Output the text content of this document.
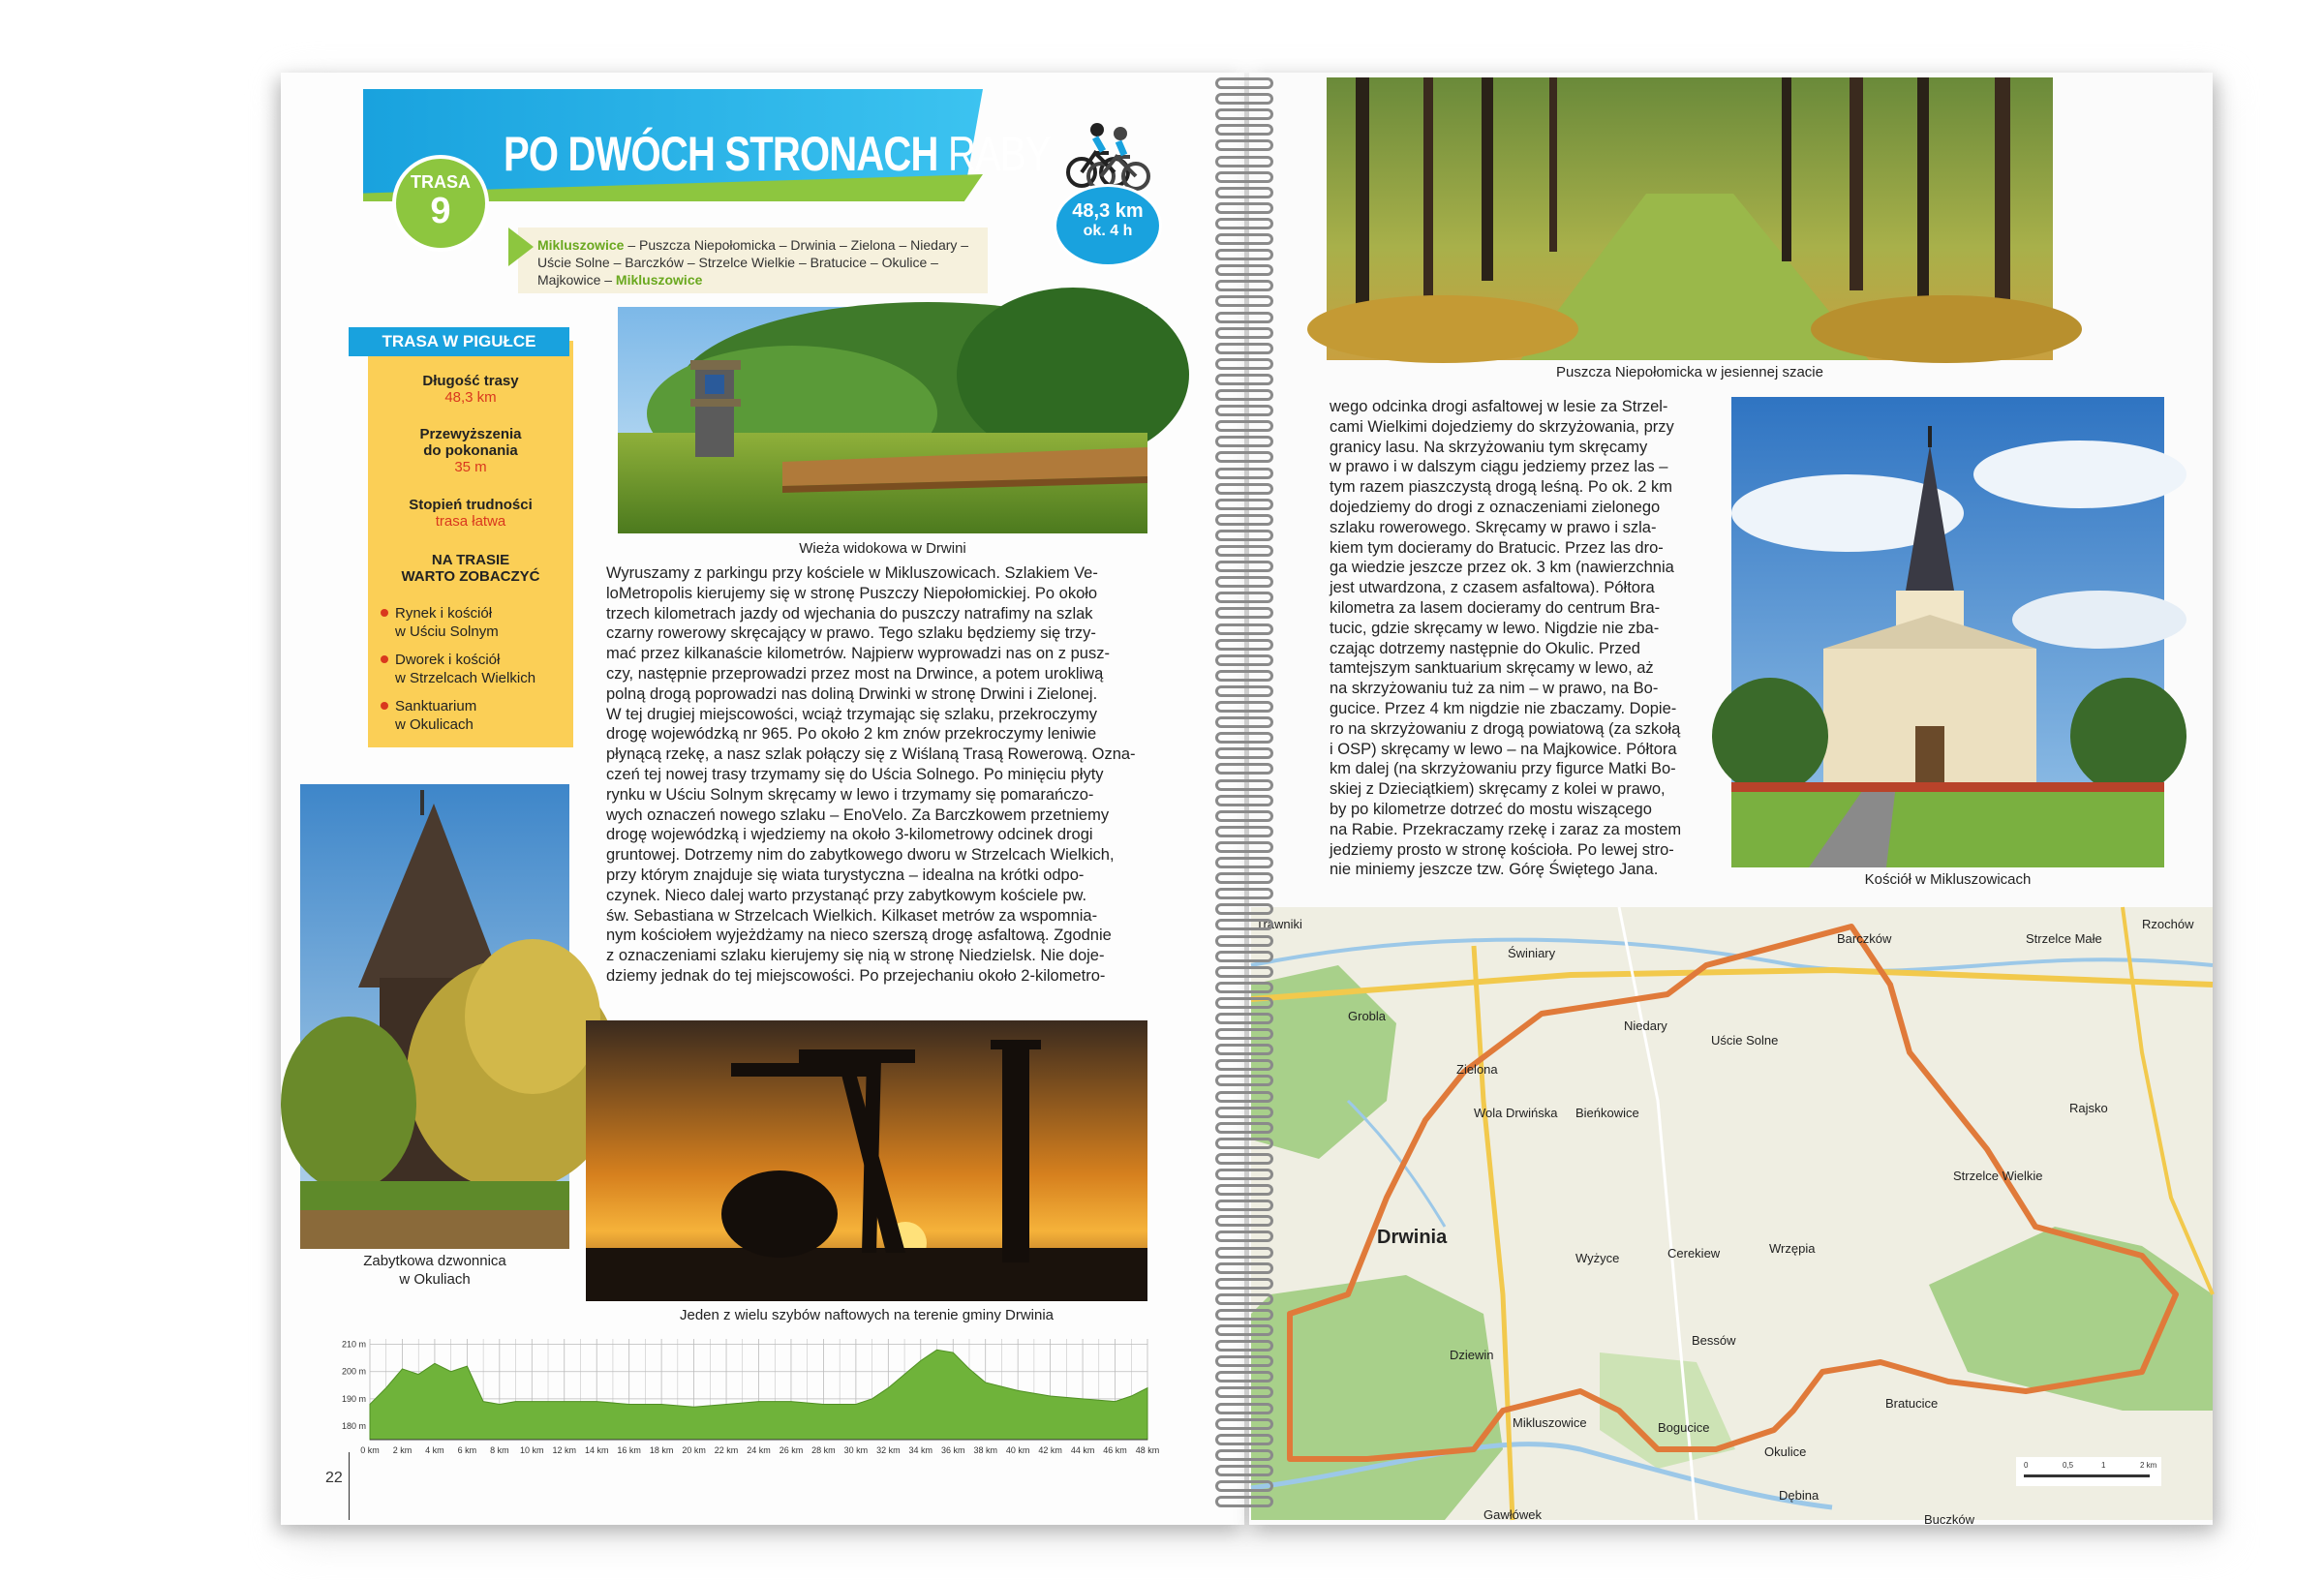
PO DWÓCH STRONACH RABY
TRASA
9	48,3 km
ok. 4 h
Mikluszowice – Puszcza Niepołomicka – Drwinia – Zielona – Niedary – Uście Solne – Barczków – Strzelce Wielkie – Bratucice – Okulice – Majkowice – Mikluszowice
TRASA W PIGUŁCE
Długość trasy
48,3 km
Przewyższenia
do pokonania
35 m
Stopień trudności
trasa łatwa
NA TRASIE
WARTO ZOBACZYĆ
Rynek i kościół
w Uściu Solnym
Dworek i kościół
w Strzelcach Wielkich
Sanktuarium
w Okulicach
Wieża widokowa w Drwini
Zabytkowa dzwonnica
w Okuliach
Wyruszamy z parkingu przy kościele w Mikluszowicach. Szlakiem Ve-
loMetropolis kierujemy się w stronę Puszczy Niepołomickiej. Po około
trzech kilometrach jazdy od wjechania do puszczy natrafimy na szlak
czarny rowerowy skręcający w prawo. Tego szlaku będziemy się trzy-
mać przez kilkanaście kilometrów. Najpierw wyprowadzi nas on z pusz-
czy, następnie przeprowadzi przez most na Drwince, a potem urokliwą
polną drogą poprowadzi nas doliną Drwinki w stronę Drwini i Zielonej.
W tej drugiej miejscowości, wciąż trzymając się szlaku, przekroczymy
drogę wojewódzką nr 965. Po około 2 km znów przekroczymy leniwie
płynącą rzekę, a nasz szlak połączy się z Wiślaną Trasą Rowerową. Ozna-
czeń tej nowej trasy trzymamy się do Uścia Solnego. Po minięciu płyty
rynku w Uściu Solnym skręcamy w lewo i trzymamy się pomarańczo-
wych oznaczeń nowego szlaku – EnoVelo. Za Barczkowem przetniemy
drogę wojewódzką i wjedziemy na około 3-kilometrowy odcinek drogi
gruntowej. Dotrzemy nim do zabytkowego dworu w Strzelcach Wielkich,
przy którym znajduje się wiata turystyczna – idealna na krótki odpo-
czynek. Nieco dalej warto przystanąć przy zabytkowym kościele pw.
św. Sebastiana w Strzelcach Wielkich. Kilkaset metrów za wspomnia-
nym kościołem wyjeżdżamy na nieco szerszą drogę asfaltową. Zgodnie
z oznaczeniami szlaku kierujemy się nią w stronę Niedzielsk. Nie doje-
dziemy jednak do tej miejscowości. Po przejechaniu około 2-kilometro-
Jeden z wielu szybów naftowych na terenie gminy Drwinia
210 m
200 m
190 m
180 m
0 km 2 km 4 km 6 km 8 km 10 km 12 km 14 km 16 km 18 km 20 km 22 km 24 km 26 km 28 km 30 km 32 km 34 km 36 km 38 km 40 km 42 km 44 km 46 km 48 km
22
Puszcza Niepołomicka w jesiennej szacie
wego odcinka drogi asfaltowej w lesie za Strzel-
cami Wielkimi dojedziemy do skrzyżowania, przy
granicy lasu. Na skrzyżowaniu tym skręcamy
w prawo i w dalszym ciągu jedziemy przez las –
tym razem piaszczystą drogą leśną. Po ok. 2 km
dojedziemy do drogi z oznaczeniami zielonego
szlaku rowerowego. Skręcamy w prawo i szla-
kiem tym docieramy do Bratucic. Przez las dro-
ga wiedzie jeszcze przez ok. 3 km (nawierzchnia
jest utwardzona, z czasem asfaltowa). Półtora
kilometra za lasem docieramy do centrum Bra-
tucic, gdzie skręcamy w lewo. Nigdzie nie zba-
czając dotrzemy następnie do Okulic. Przed
tamtejszym sanktuarium skręcamy w lewo, aż
na skrzyżowaniu tuż za nim – w prawo, na Bo-
gucice. Przez 4 km nigdzie nie zbaczamy. Dopie-
ro na skrzyżowaniu z drogą powiatową (za szkołą
i OSP) skręcamy w lewo – na Majkowice. Półtora
km dalej (na skrzyżowaniu przy figurce Matki Bo-
skiej z Dzieciątkiem) skręcamy z kolei w prawo,
by po kilometrze dotrzeć do mostu wiszącego
na Rabie. Przekraczamy rzekę i zaraz za mostem
jedziemy prosto w stronę kościoła. Po lewej stro-
nie miniemy jeszcze tzw. Górę Świętego Jana.
Kościół w Mikluszowicach
Trawniki
Świniary
Barczków	Strzelce Małe
Rzochów
Grobla
Niedary
Uście Solne
Zielona
Rajsko
Wola Drwińska Bieńkowice
Strzelce Wielkie
Drwinia
Wrzępia
Wyżyce	Cerekiew
Bessów
Dziewin
Mikluszowice
Bratucice
Bogucice
Okulice
Dębina
Gawłówek	Buczków
0	0,5	1	2 km
